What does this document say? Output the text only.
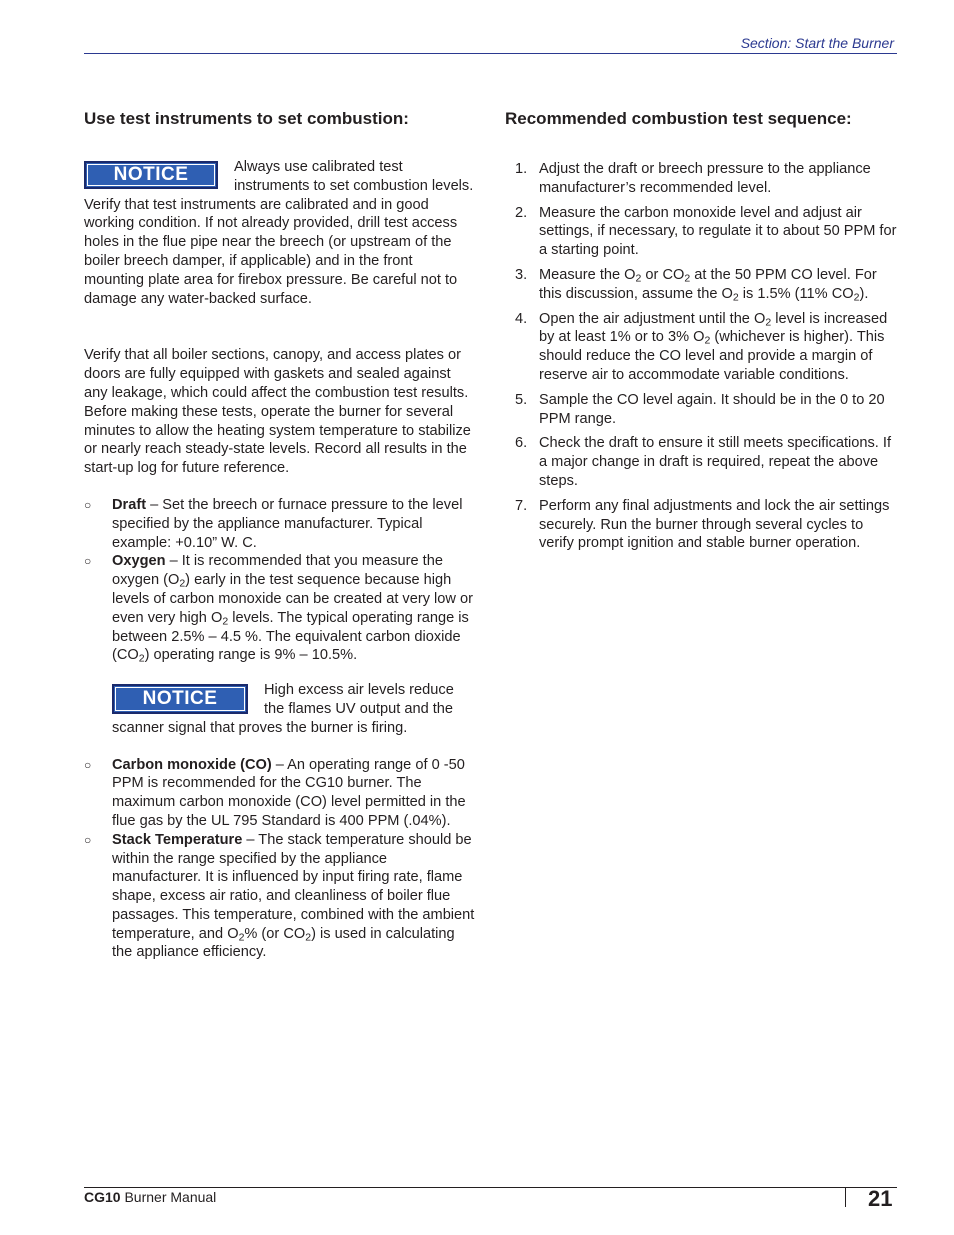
Section: Start the Burner
Use test instruments to set combustion:
NOTICE	Always use calibrated test instruments to set combustion levels. Verify that test instruments are calibrated and in good working condition. If not already provided, drill test access holes in the flue pipe near the breech (or upstream of the boiler breech damper, if applicable) and in the front mounting plate area for firebox pressure. Be careful not to damage any water-backed surface.

Verify that all boiler sections, canopy, and access plates or doors are fully equipped with gaskets and sealed against any leakage, which could affect the combustion test results. Before making these tests, operate the burner for several minutes to allow the heating system temperature to stabilize or nearly reach steady-state levels. Record all results in the start-up log for future reference.

○ Draft – Set the breech or furnace pressure to the level specified by the appliance manufacturer. Typical example: +0.10” W. C.
○ Oxygen – It is recommended that you measure the oxygen $(O_2)$ early in the test sequence because high levels of carbon monoxide can be created at very low or even very high $O_2$ levels. The typical operating range is between 2.5% – 4.5 %. The equivalent carbon dioxide $(CO_2)$ operating range is 9% – 10.5%.
NOTICE	High excess air levels reduce the flames UV output and the scanner signal that proves the burner is firing.

○ Carbon monoxide (CO) – An operating range of 0 -50 PPM is recommended for the CG10 burner. The maximum carbon monoxide (CO) level permitted in the flue gas by the UL 795 Standard is 400 PPM (.04%).
○ Stack Temperature – The stack temperature should be within the range specified by the appliance manufacturer. It is influenced by input firing rate, flame shape, excess air ratio, and cleanliness of boiler flue passages. This temperature, combined with the ambient temperature, and $O_2\%$ (or $CO_2$) is used in calculating the appliance efficiency.
Recommended combustion test sequence:
1. Adjust the draft or breech pressure to the appliance manufacturer’s recommended level.
2. Measure the carbon monoxide level and adjust air settings, if necessary, to regulate it to about 50 PPM for a starting point.
3. Measure the $O_2$ or $CO_2$ at the 50 PPM CO level. For this discussion, assume the $O_2$ is 1.5% (11% $CO_2$).
4. Open the air adjustment until the $O_2$ level is increased by at least 1% or to 3% $O_2$ (whichever is higher). This should reduce the CO level and provide a margin of reserve air to accommodate variable conditions.
5. Sample the CO level again. It should be in the 0 to 20 PPM range.
6. Check the draft to ensure it still meets specifications. If a major change in draft is required, repeat the above steps.
7. Perform any final adjustments and lock the air settings securely. Run the burner through several cycles to verify prompt ignition and stable burner operation.
CG10 Burner Manual	21
